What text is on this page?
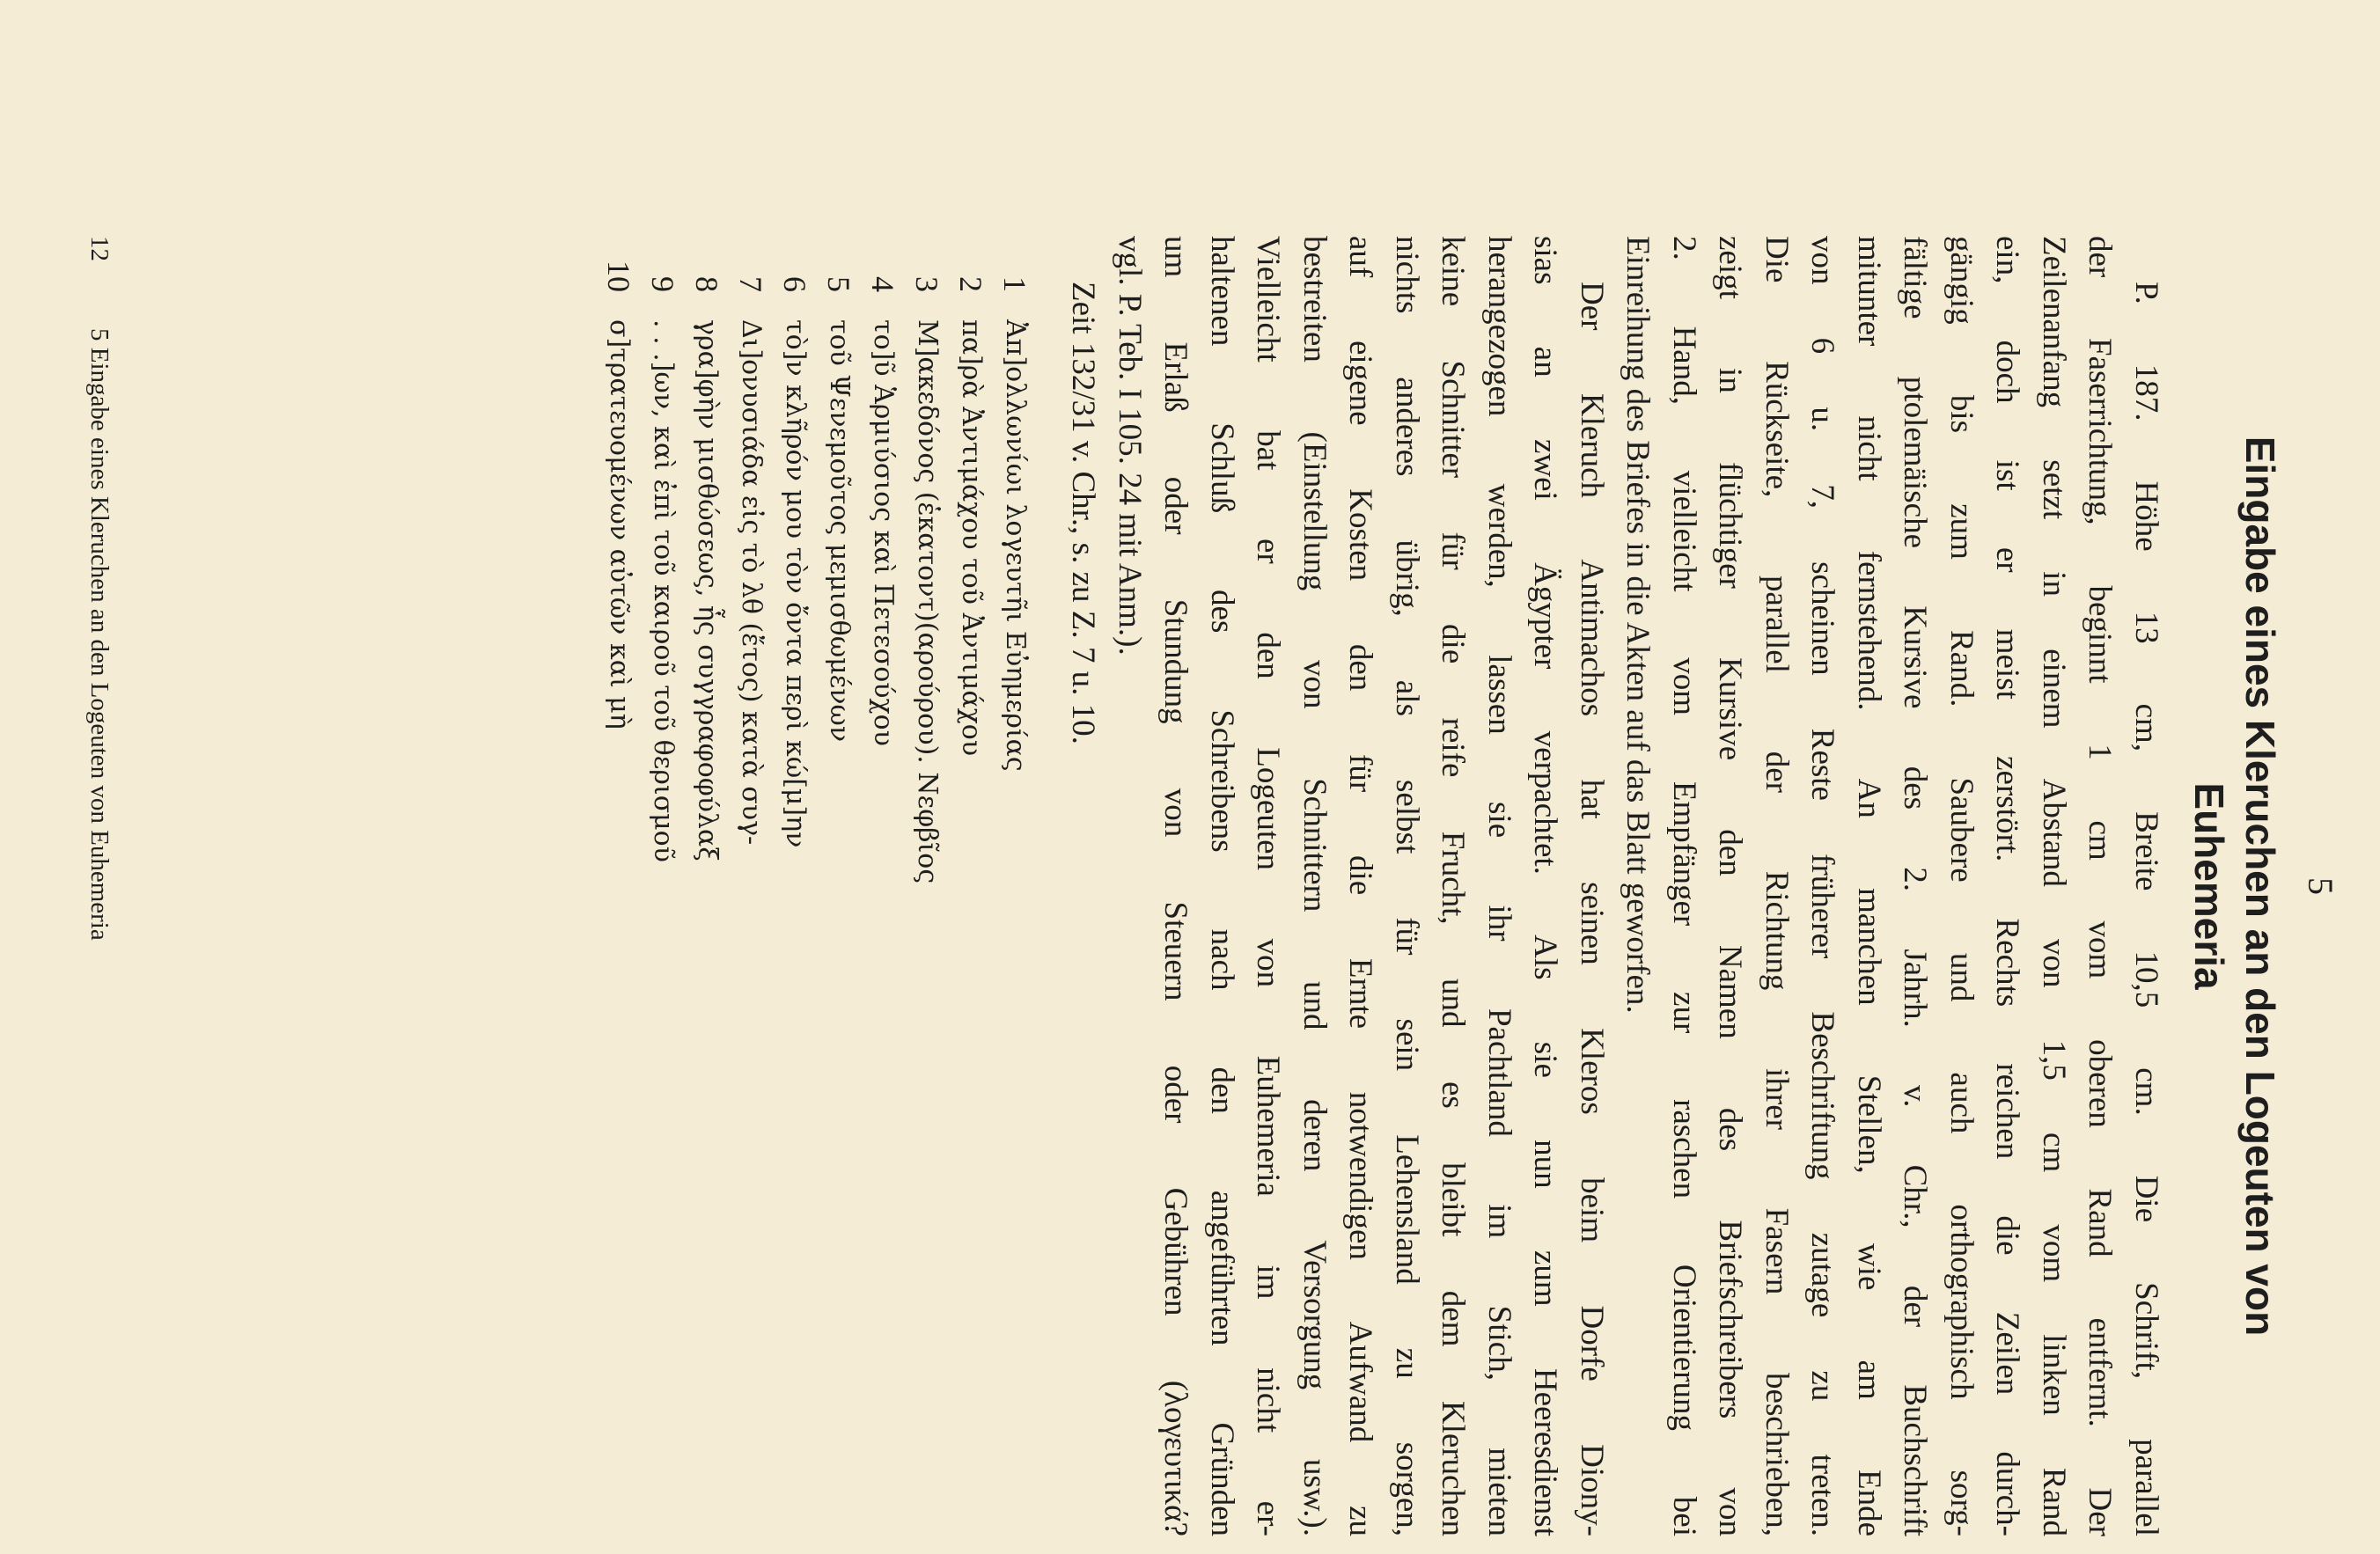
12
5 Eingabe eines Kleruchen an den Logeuten von Euhemeria	5
Eingabe eines Kleruchen an den Logeuten von
Euhemeria
P. 187. Höhe 13 cm, Breite 10,5 cm. Die Schrift, parallel
der Faserrichtung, beginnt 1 cm vom oberen Rand entfernt. Der
Zeilenanfang setzt in einem Abstand von 1,5 cm vom linken Rand
ein, doch ist er meist zerstört. Rechts reichen die Zeilen durch-
gängig bis zum Rand. Saubere und auch orthographisch sorg-
fältige ptolemäische Kursive des 2. Jahrh. v. Chr., der Buchschrift
mitunter nicht fernstehend. An manchen Stellen, wie am Ende
von 6 u. 7, scheinen Reste früherer Beschriftung zutage zu treten.
Die Rückseite, parallel der Richtung ihrer Fasern beschrieben,
zeigt in flüchtiger Kursive den Namen des Briefschreibers von
2. Hand, vielleicht vom Empfänger zur raschen Orientierung bei
Einreihung des Briefes in die Akten auf das Blatt geworfen.
Der Kleruch Antimachos hat seinen Kleros beim Dorfe Diony-
sias an zwei Ägypter verpachtet. Als sie nun zum Heeresdienst
herangezogen werden, lassen sie ihr Pachtland im Stich, mieten
keine Schnitter für die reife Frucht, und es bleibt dem Kleruchen
nichts anderes übrig, als selbst für sein Lehensland zu sorgen,
auf eigene Kosten den für die Ernte notwendigen Aufwand zu
bestreiten (Einstellung von Schnittern und deren Versorgung usw.).
Vielleicht bat er den Logeuten von Euhemeria im nicht er-
haltenen Schluß des Schreibens nach den angeführten Gründen
um Erlaß oder Stundung von Steuern oder Gebühren (λογευτικά?
vgl. P. Teb. I 105. 24 mit Anm.).
Zeit 132/31 v. Chr., s. zu Z. 7 u. 10.
1
Ἀπ]ολλωνίωι λογευτῆι Εὐημερίας
2
πα]ρὰ Ἀντιμάχου τοῦ Ἀντιμάχου
3
Μ]ακεδόνος (ἑκατοντ)(αρούρου). Νεφβῖος
4
το]ῦ Ἁρμιύσιος καὶ Πετεσούχου
5
τοῦ Ψενεμοῦτος μεμισθωμένων
6
τὸ]ν κλῆρόν μου τὸν ὄντα περὶ κώ[μ]ην
7
Δι]ονυσιάδα εἰς τὸ λθ (ἔτος) κατὰ συγ-
8
γρα]φὴν μισθώσεως, ἧς συγγραφοφύλαξ
9
. . .]ων, καὶ ἐπὶ τοῦ καιροῦ τοῦ θερισμοῦ
10
σ]τρατευομένων αὐτῶν καὶ μὴ
